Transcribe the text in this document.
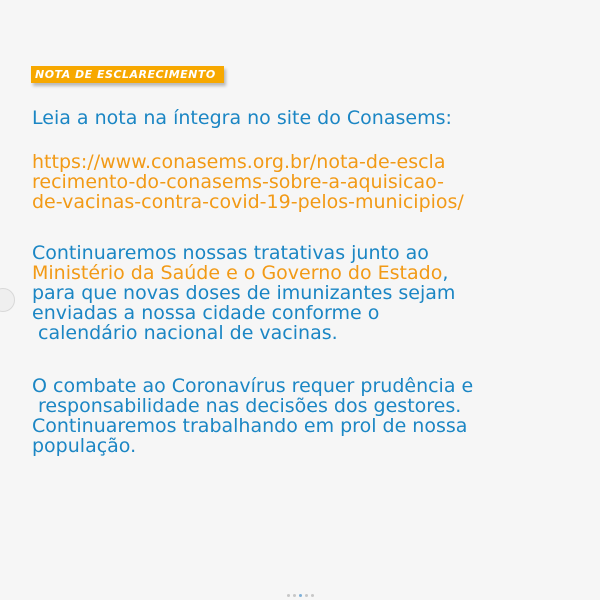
NOTA DE ESCLARECIMENTO

Leia a nota na íntegra no site do Conasems:

https://www.conasems.org.br/nota-de-escla
recimento-do-conasems-sobre-a-aquisicao-
de-vacinas-contra-covid-19-pelos-municipios/

Continuaremos nossas tratativas junto ao
Ministério da Saúde e o Governo do Estado,
para que novas doses de imunizantes sejam
enviadas a nossa cidade conforme o
calendário nacional de vacinas.

O combate ao Coronavírus requer prudência e
responsabilidade nas decisões dos gestores.
Continuaremos trabalhando em prol de nossa
população.
